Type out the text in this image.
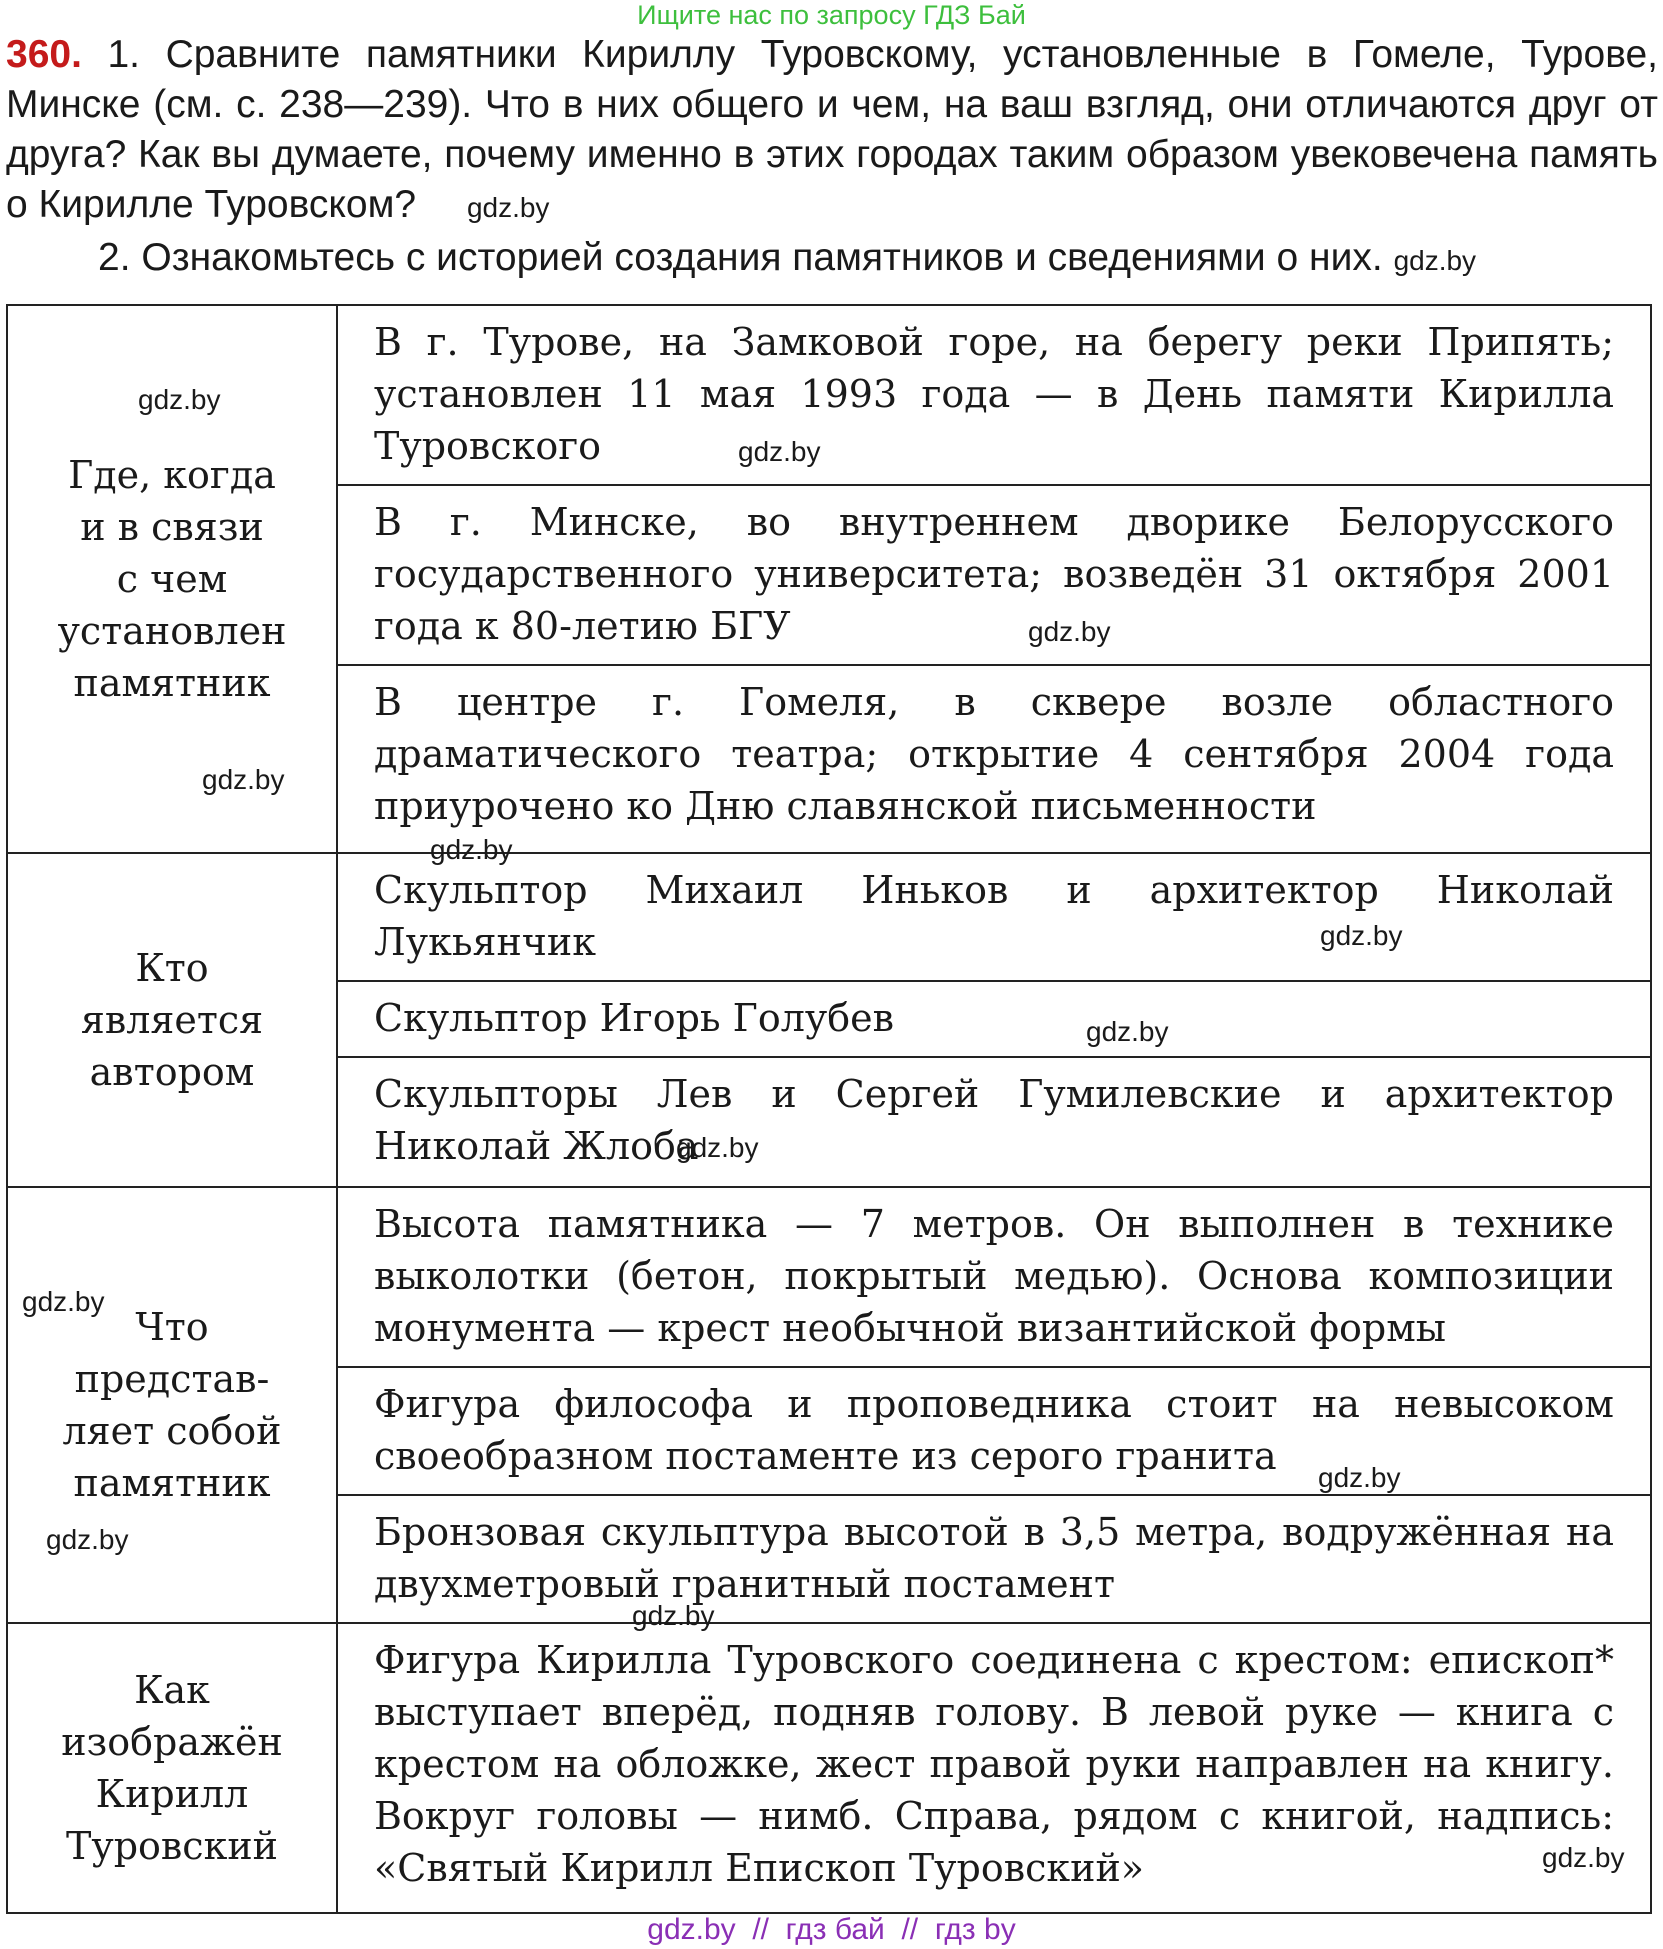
Ищите нас по запросу ГДЗ Бай

360. 1. Сравните памятники Кириллу Туровскому, установленные в Гомеле, Турове, Минске (см. с. 238—239). Что в них общего и чем, на ваш взгляд, они отличаются друг от друга? Как вы думаете, почему именно в этих городах таким образом увековечена память о Кирилле Туровском? gdz.by

2. Ознакомьтесь с историей создания памятников и сведениями о них. gdz.by

Где, когда
и в связи
с чем
установлен
памятник
В г. Турове, на Замковой горе, на берегу реки Припять; установлен 11 мая 1993 года — в День памяти Кирилла Туровского
В г. Минске, во внутреннем дворике Белорусского государственного университета; возведён 31 октября 2001 года к 80-летию БГУ
В центре г. Гомеля, в сквере возле областного драматического театра; открытие 4 сентября 2004 года приурочено ко Дню славянской письменности
Кто
является
автором
Скульптор Михаил Иньков и архитектор Николай Лукьянчик
Скульптор Игорь Голубев
Скульпторы Лев и Сергей Гумилевские и архитектор Николай Жлоба
Что
представ-
ляет собой
памятник
Высота памятника — 7 метров. Он выполнен в технике выколотки (бетон, покрытый медью). Основа композиции монумента — крест необычной византийской формы
Фигура философа и проповедника стоит на невысоком своеобразном постаменте из серого гранита
Бронзовая скульптура высотой в 3,5 метра, водружённая на двухметровый гранитный постамент
Как
изображён
Кирилл
Туровский
Фигура Кирилла Туровского соединена с крестом: епископ* выступает вперёд, подняв голову. В левой руке — книга с крестом на обложке, жест правой руки направлен на книгу. Вокруг головы — нимб. Справа, рядом с книгой, надпись: «Святый Кирилл Епископ Туровский»
gdz.by
gdz.by
gdz.by
gdz.by
gdz.by
gdz.by
gdz.by
gdz.by
gdz.by
gdz.by
gdz.by
gdz.by
gdz.by
gdz.by  //  гдз бай  //  гдз by
